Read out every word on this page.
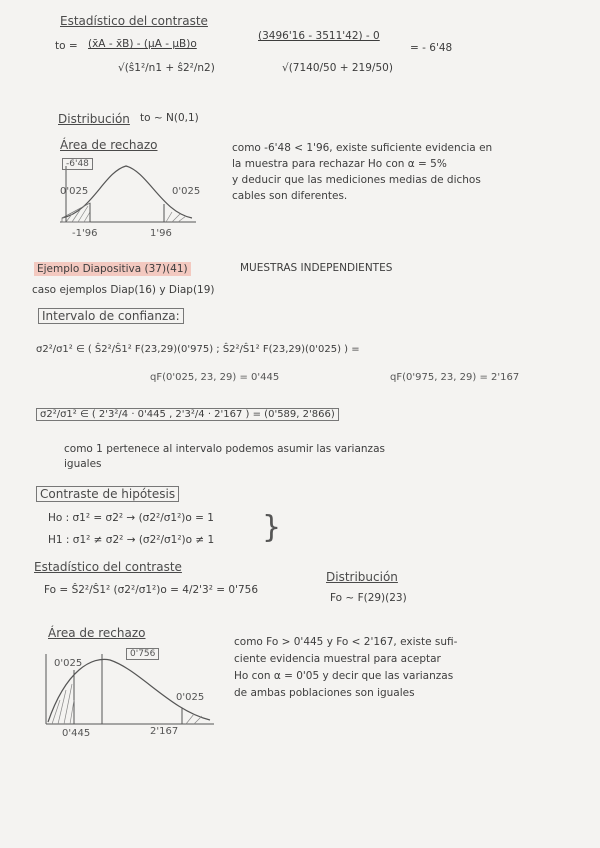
Estadístico del contraste
to = (x̄A - x̄B) - (μA - μB)o
√(ŝ1²/n1 + ŝ2²/n2)
(3496'16 - 3511'42) - 0
√(7140/50 + 219/50)
= - 6'48
Distribución to ~ N(0,1)
Área de rechazo
-6'48
0'025	0'025
-1'96	1'96
como -6'48 < 1'96, existe suficiente evidencia en
la muestra para rechazar Ho con α = 5%
y deducir que las mediciones medias de dichos
cables son diferentes.
Ejemplo Diapositiva (37)(41)	MUESTRAS INDEPENDIENTES
caso ejemplos Diap(16) y Diap(19)
Intervalo de confianza:
σ2²/σ1² ∈ ( Ŝ2²/Ŝ1² F(23,29)(0'975) ; Ŝ2²/Ŝ1² F(23,29)(0'025) ) =
qF(0'025, 23, 29) = 0'445	qF(0'975, 23, 29) = 2'167
σ2²/σ1² ∈ ( 2'3²/4 · 0'445 , 2'3²/4 · 2'167 ) = (0'589, 2'866)
como 1 pertenece al intervalo podemos asumir las varianzas
iguales
Contraste de hipótesis
Ho : σ1² = σ2² → (σ2²/σ1²)o = 1
H1 : σ1² ≠ σ2² → (σ2²/σ1²)o ≠ 1 }
Estadístico del contraste
Fo = Ŝ2²/Ŝ1² (σ2²/σ1²)o = 4/2'3² = 0'756
Distribución
Fo ~ F(29)(23)
Área de rechazo
0'756
0'025
0'025
0'445	2'167
como Fo > 0'445 y Fo < 2'167, existe sufi-
ciente evidencia muestral para aceptar
Ho con α = 0'05 y decir que las varianzas
de ambas poblaciones son iguales
